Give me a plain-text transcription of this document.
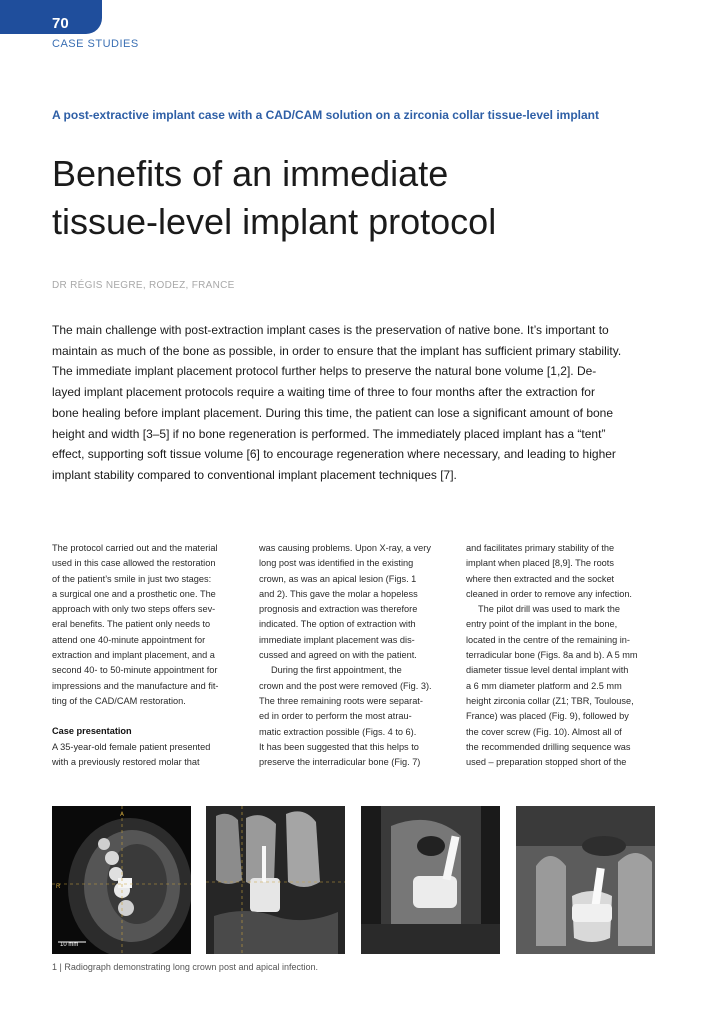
70
CASE STUDIES
A post-extractive implant case with a CAD/CAM solution on a zirconia collar tissue-level implant
Benefits of an immediate
tissue-level implant protocol
DR RÉGIS NEGRE, RODEZ, FRANCE
The main challenge with post-extraction implant cases is the preservation of native bone. It’s important to
maintain as much of the bone as possible, in order to ensure that the implant has sufficient primary stability.
The immediate implant placement protocol further helps to preserve the natural bone volume [1,2]. De-
layed implant placement protocols require a waiting time of three to four months after the extraction for
bone healing before implant placement. During this time, the patient can lose a significant amount of bone
height and width [3–5] if no bone regeneration is performed. The immediately placed implant has a “tent”
effect, supporting soft tissue volume [6] to encourage regeneration where necessary, and leading to higher
implant stability compared to conventional implant placement techniques [7].
The protocol carried out and the material
used in this case allowed the restoration
of the patient’s smile in just two stages:
a surgical one and a prosthetic one. The
approach with only two steps offers sev-
eral benefits. The patient only needs to
attend one 40-minute appointment for
extraction and implant placement, and a
second 40- to 50-minute appointment for
impressions and the manufacture and fit-
ting of the CAD/CAM restoration.
Case presentation
A 35-year-old female patient presented
with a previously restored molar that
was causing problems. Upon X-ray, a very
long post was identified in the existing
crown, as was an apical lesion (Figs. 1
and 2). This gave the molar a hopeless
prognosis and extraction was therefore
indicated. The option of extraction with
immediate implant placement was dis-
cussed and agreed on with the patient.
During the first appointment, the
crown and the post were removed (Fig. 3).
The three remaining roots were separat-
ed in order to perform the most atrau-
matic extraction possible (Figs. 4 to 6).
It has been suggested that this helps to
preserve the interradicular bone (Fig. 7)
and facilitates primary stability of the
implant when placed [8,9]. The roots
where then extracted and the socket
cleaned in order to remove any infection.
The pilot drill was used to mark the
entry point of the implant in the bone,
located in the centre of the remaining in-
terradicular bone (Figs. 8a and b). A 5 mm
diameter tissue level dental implant with
a 6 mm diameter platform and 2.5 mm
height zirconia collar (Z1; TBR, Toulouse,
France) was placed (Fig. 9), followed by
the cover screw (Fig. 10). Almost all of
the recommended drilling sequence was
used – preparation stopped short of the
A
R
10 mm
1 | Radiograph demonstrating long crown post and apical infection.
